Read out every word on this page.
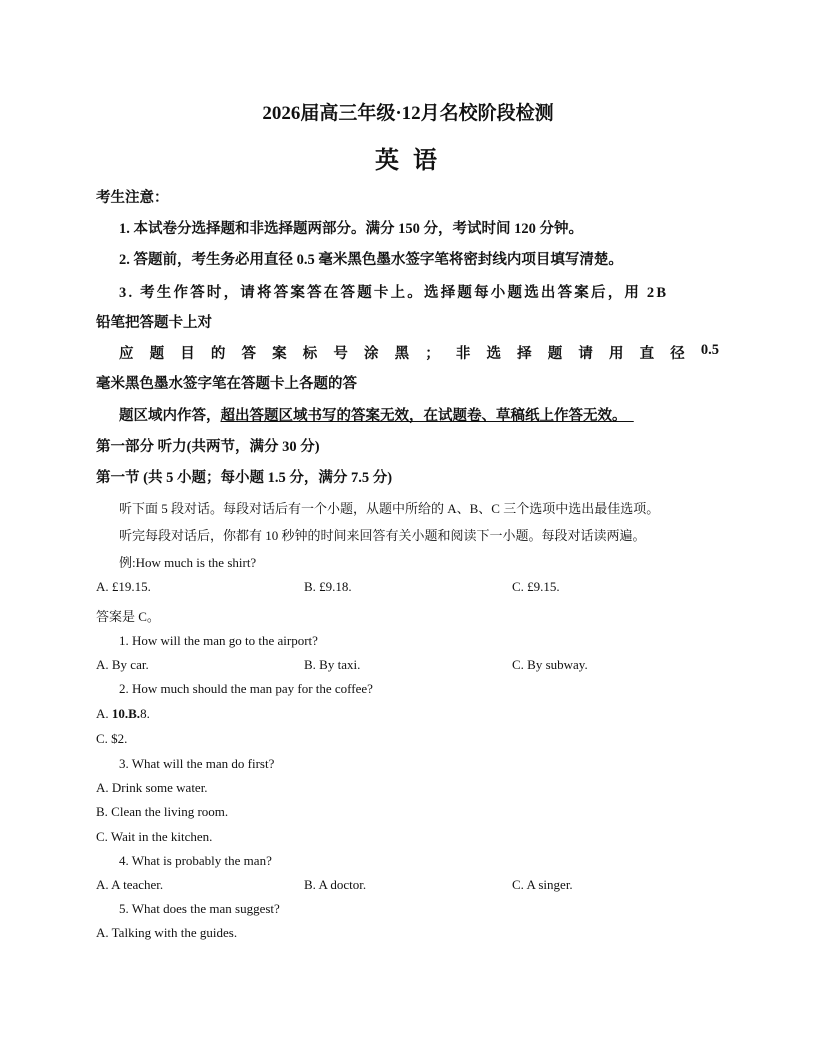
2026届高三年级·12月名校阶段检测
英 语
考生注意：
1. 本试卷分选择题和非选择题两部分。满分 150 分，考试时间 120 分钟。
2. 答题前，考生务必用直径 0.5 毫米黑色墨水签字笔将密封线内项目填写清楚。
3. 考生作答时，请将答案答在答题卡上。选择题每小题选出答案后，用 2B
铅笔把答题卡上对
应 题 目 的 答 案 标 号 涂 黑 ； 非 选 择 题 请 用 直 径 0.5
毫米黑色墨水签字笔在答题卡上各题的答
题区域内作答，超出答题区域书写的答案无效，在试题卷、草稿纸上作答无效。
第一部分 听力(共两节，满分 30 分)
第一节 (共 5 小题；每小题 1.5 分，满分 7.5 分)
听下面 5 段对话。每段对话后有一个小题，从题中所给的 A、B、C 三个选项中选出最佳选项。
听完每段对话后，你都有 10 秒钟的时间来回答有关小题和阅读下一小题。每段对话读两遍。
例:How much is the shirt?
A. £19.15.	B. £9.18.	C. £9.15.
答案是 C。
1. How will the man go to the airport?
A. By car.	B. By taxi.	C. By subway.
2. How much should the man pay for the coffee?
A. 10.B.8.
C. $2.
3. What will the man do first?
A. Drink some water.
B. Clean the living room.
C. Wait in the kitchen.
4. What is probably the man?
A. A teacher.	B. A doctor.	C. A singer.
5. What does the man suggest?
A. Talking with the guides.
